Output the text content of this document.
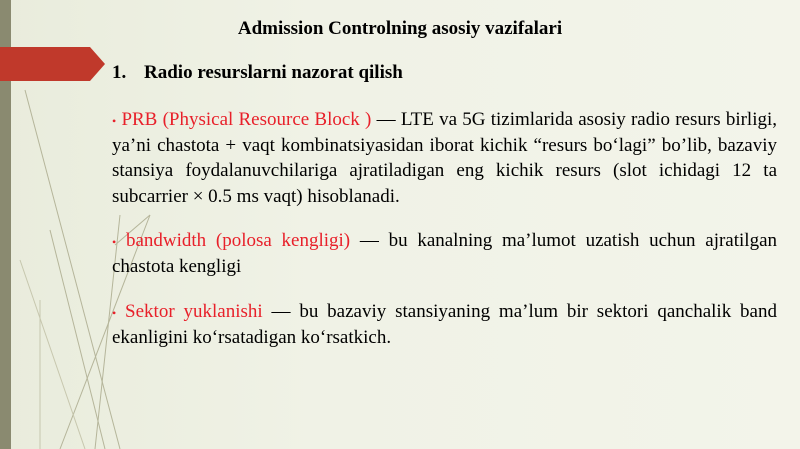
Admission Controlning asosiy vazifalari
1. Radio resurslarni nazorat qilish
• PRB (Physical Resource Block ) — LTE va 5G tizimlarida asosiy radio resurs birligi, ya’ni chastota + vaqt kombinatsiyasidan iborat kichik “resurs bo‘lagi” bo’lib, bazaviy stansiya foydalanuvchilariga ajratiladigan eng kichik resurs (slot ichidagi 12 ta subcarrier × 0.5 ms vaqt) hisoblanadi.
• bandwidth (polosa kengligi) — bu kanalning ma’lumot uzatish uchun ajratilgan chastota kengligi
• Sektor yuklanishi — bu bazaviy stansiyaning ma’lum bir sektori qanchalik band ekanligini ko‘rsatadigan ko‘rsatkich.
